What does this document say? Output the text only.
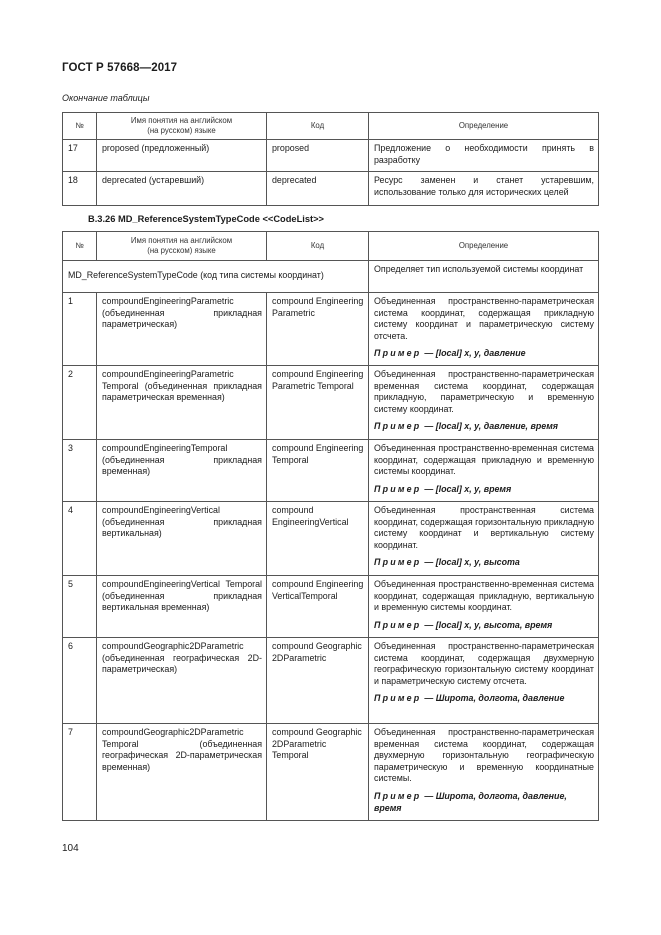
ГОСТ Р 57668—2017
Окончание таблицы
№	Имя понятия на английском
(на русском) языке	Код	Определение
17	proposed (предложенный)	proposed	Предложение о необходимости принять в разработку
18	deprecated (устаревший)	deprecated	Ресурс заменен и станет устаревшим, использование только для исторических целей
В.3.26 MD_ReferenceSystemTypeCode <<CodeList>>
№	Имя понятия на английском
(на русском) языке	Код	Определение
MD_ReferenceSystemTypeCode (код типа системы координат)			Определяет тип используемой системы координат
1	compoundEngineeringParametric (объединенная прикладная параметрическая)	compound Engineering Parametric	Объединенная пространственно-параметрическая система координат, содержащая прикладную систему координат и параметрическую систему отсчета.
Пример — [local] x, y, давление

2	compoundEngineeringParametric Temporal (объединенная прикладная параметрическая временная)	compound Engineering Parametric Temporal	Объединенная пространственно-параметрическая временная система координат, содержащая прикладную, параметрическую и временную систему координат.
Пример — [local] x, y, давление, время

3	compoundEngineeringTemporal (объединенная прикладная временная)	compound Engineering Temporal	Объединенная пространственно-временная система координат, содержащая прикладную и временную системы координат.
Пример — [local] x, y, время

4	compoundEngineeringVertical (объединенная прикладная вертикальная)	compound EngineeringVertical	Объединенная пространственная система координат, содержащая горизонтальную прикладную систему координат и вертикальную систему координат.
Пример — [local] x, y, высота

5	compoundEngineeringVertical Temporal (объединенная прикладная вертикальная временная)	compound Engineering VerticalTemporal	Объединенная пространственно-временная система координат, содержащая прикладную, вертикальную и временную системы координат.
Пример — [local] x, y, высота, время

6	compoundGeographic2DParametric (объединенная географическая 2D-параметрическая)	compound Geographic 2DParametric	Объединенная пространственно-параметрическая система координат, содержащая двухмерную географическую горизонтальную систему координат и параметрическую систему отсчета.
Пример — Широта, долгота, давление

7	compoundGeographic2DParametric Temporal (объединенная географическая 2D-параметрическая временная)	compound Geographic 2DParametric Temporal	Объединенная пространственно-параметрическая временная система координат, содержащая двухмерную горизонтальную географическую параметрическую и временную координатные системы.
Пример — Широта, долгота, давление, время
104
